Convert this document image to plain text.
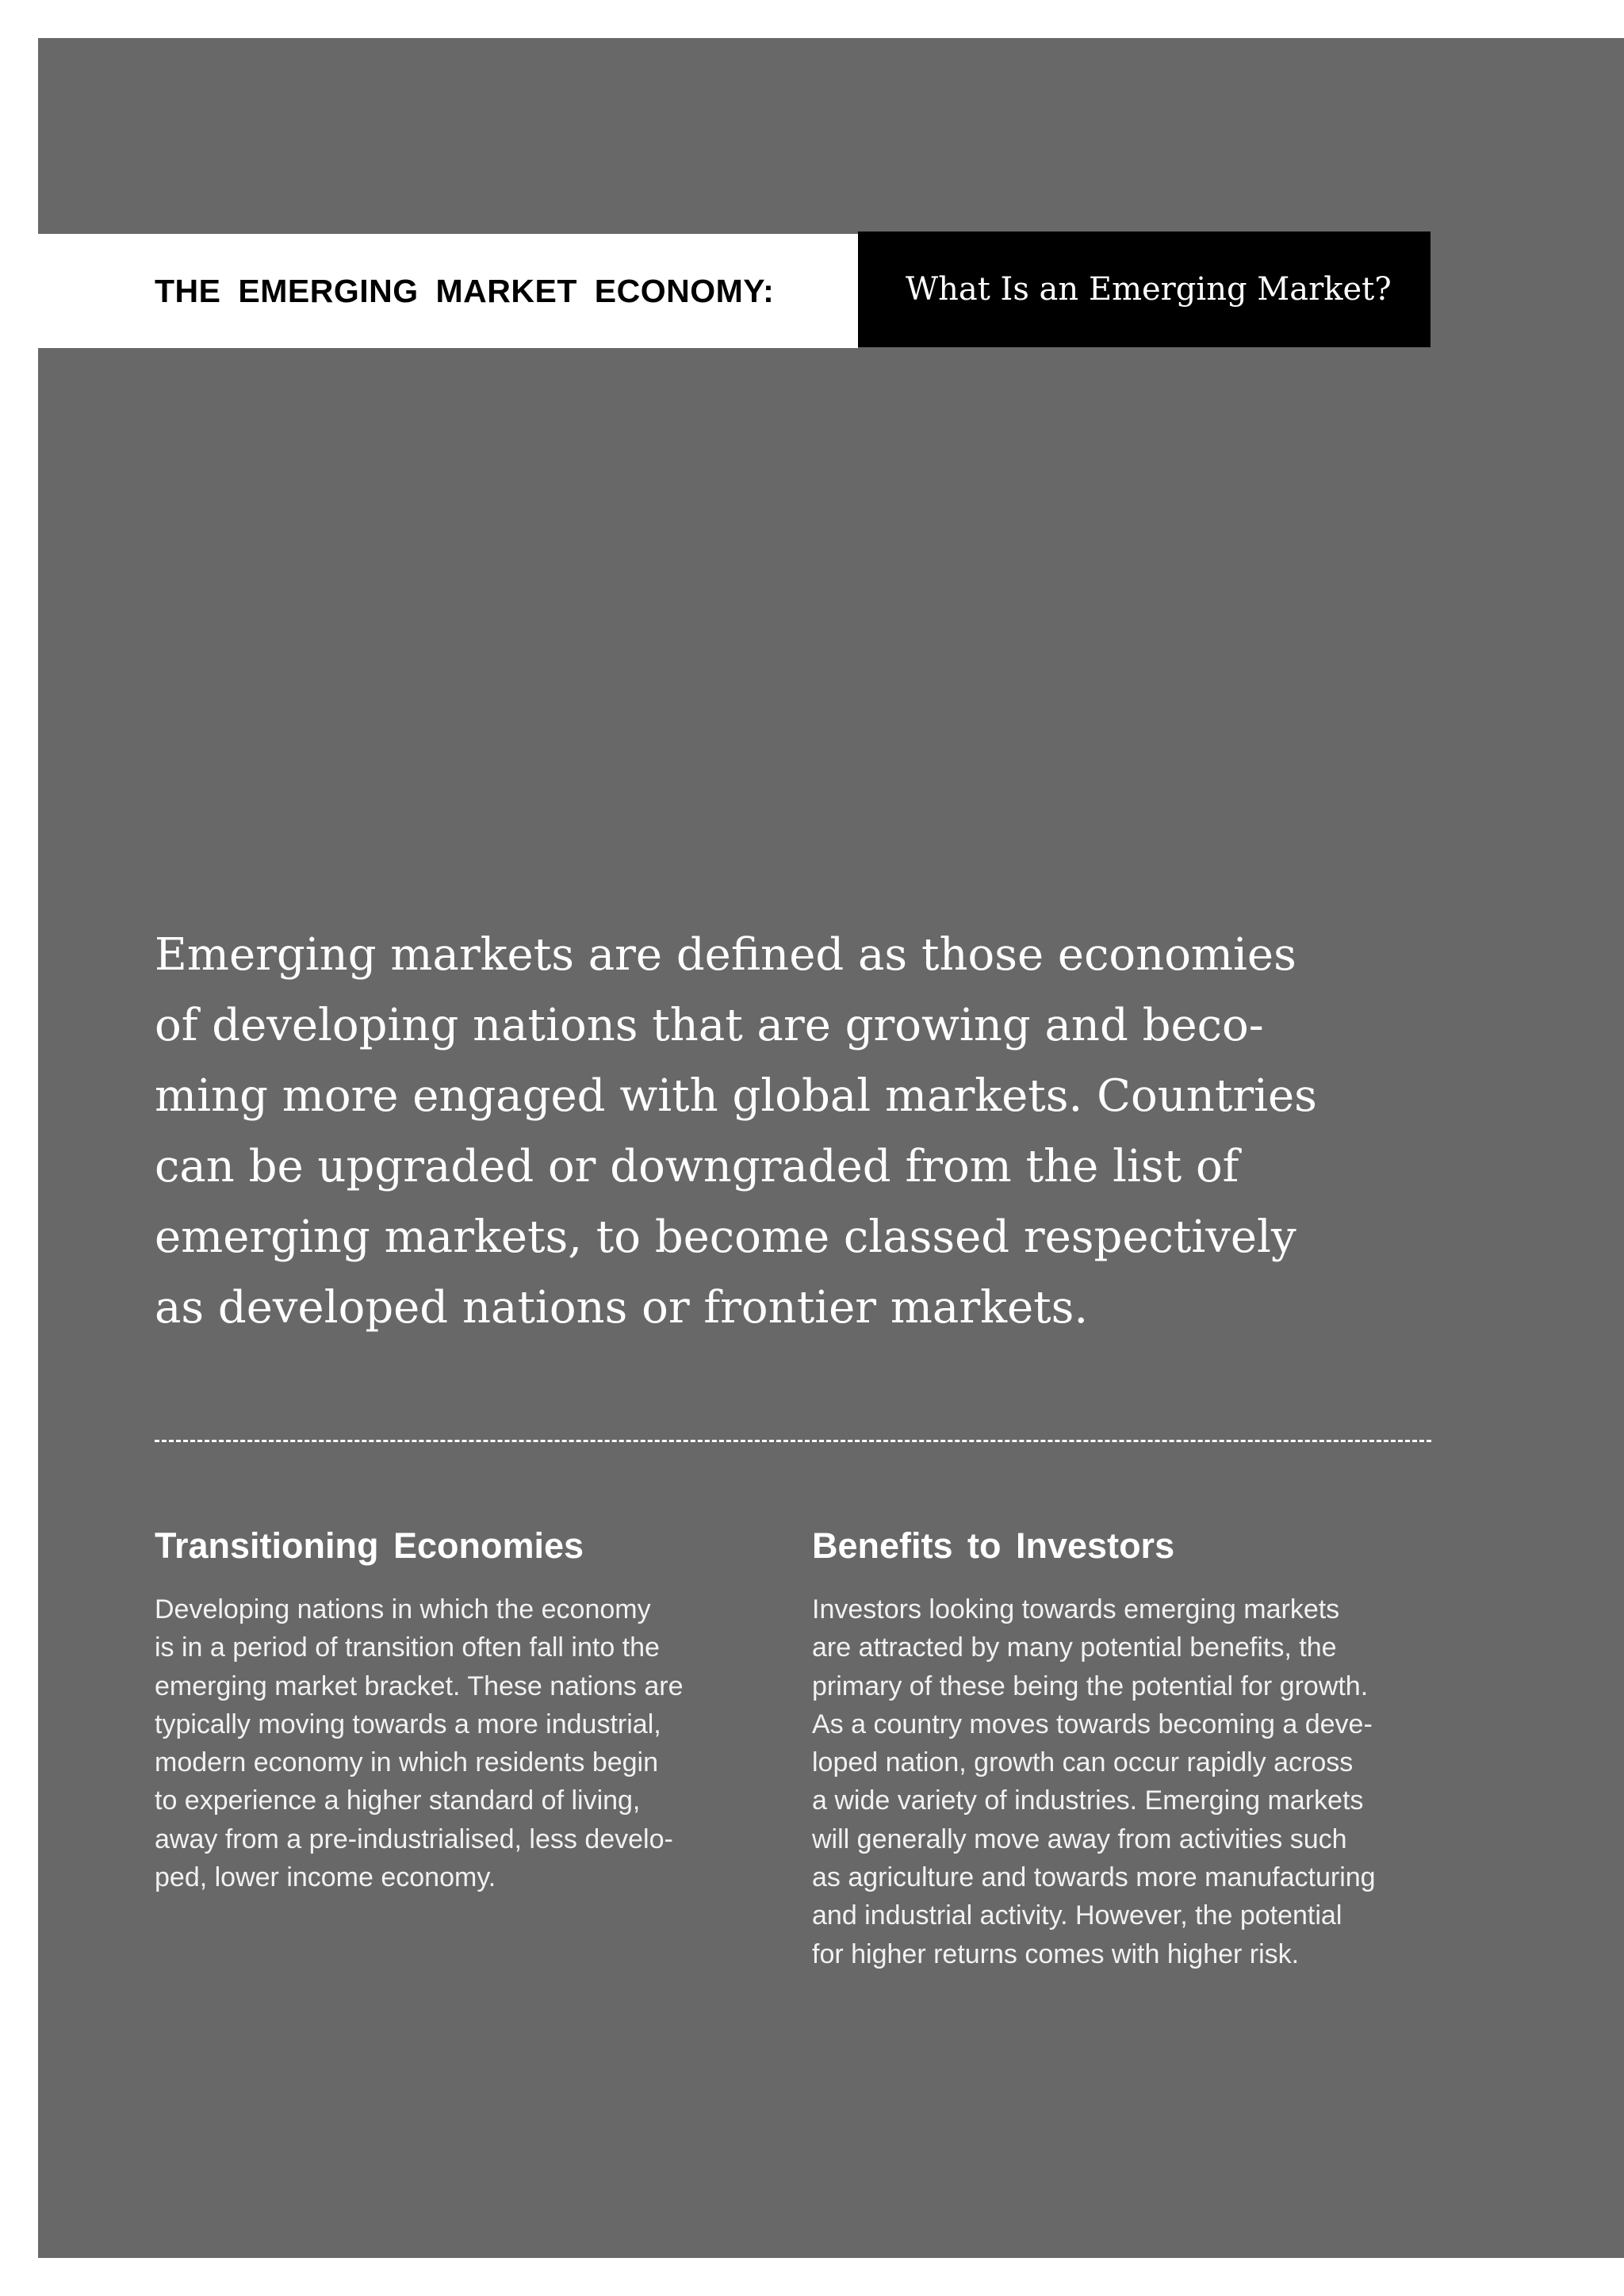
THE EMERGING MARKET ECONOMY:	What Is an Emerging Market?

Emerging markets are defined as those economies
of developing nations that are growing and beco-
ming more engaged with global markets. Countries
can be upgraded or downgraded from the list of
emerging markets, to become classed respectively
as developed nations or frontier markets.

Transitioning Economies

Developing nations in which the economy
is in a period of transition often fall into the
emerging market bracket. These nations are
typically moving towards a more industrial,
modern economy in which residents begin
to experience a higher standard of living,
away from a pre-industrialised, less develo-
ped, lower income economy.

Benefits to Investors

Investors looking towards emerging markets
are attracted by many potential benefits, the
primary of these being the potential for growth.
As a country moves towards becoming a deve-
loped nation, growth can occur rapidly across
a wide variety of industries. Emerging markets
will generally move away from activities such
as agriculture and towards more manufacturing
and industrial activity. However, the potential
for higher returns comes with higher risk.
